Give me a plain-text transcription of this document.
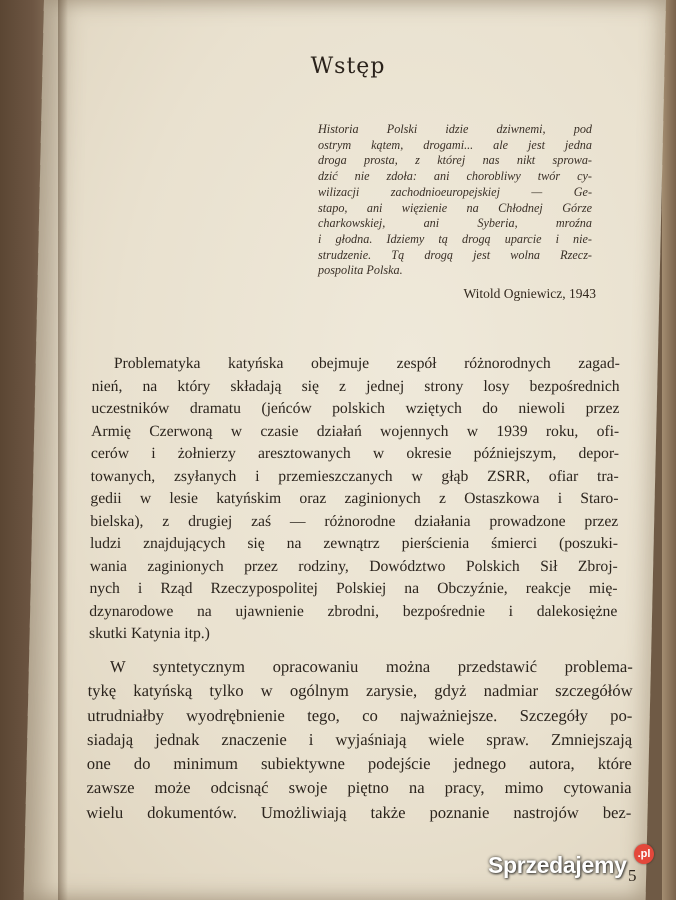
Wstęp
Historia Polski idzie dziwnemi, pod
ostrym kątem, drogami... ale jest jedna
droga prosta, z której nas nikt sprowa-
dzić nie zdoła: ani chorobliwy twór cy-
wilizacji zachodnioeuropejskiej — Ge-
stapo, ani więzienie na Chłodnej Górze
charkowskiej, ani Syberia, mroźna
i głodna. Idziemy tą drogą uparcie i nie-
strudzenie. Tą drogą jest wolna Rzecz-
pospolita Polska.
Witold Ogniewicz, 1943
Problematyka katyńska obejmuje zespół różnorodnych zagad-
nień, na który składają się z jednej strony losy bezpośrednich
uczestników dramatu (jeńców polskich wziętych do niewoli przez
Armię Czerwoną w czasie działań wojennych w 1939 roku, ofi-
cerów i żołnierzy aresztowanych w okresie późniejszym, depor-
towanych, zsyłanych i przemieszczanych w głąb ZSRR, ofiar tra-
gedii w lesie katyńskim oraz zaginionych z Ostaszkowa i Staro-
bielska), z drugiej zaś — różnorodne działania prowadzone przez
ludzi znajdujących się na zewnątrz pierścienia śmierci (poszuki-
wania zaginionych przez rodziny, Dowództwo Polskich Sił Zbroj-
nych i Rząd Rzeczypospolitej Polskiej na Obczyźnie, reakcje mię-
dzynarodowe na ujawnienie zbrodni, bezpośrednie i dalekosiężne
skutki Katynia itp.)
W syntetycznym opracowaniu można przedstawić problema-
tykę katyńską tylko w ogólnym zarysie, gdyż nadmiar szczegółów
utrudniałby wyodrębnienie tego, co najważniejsze. Szczegóły po-
siadają jednak znaczenie i wyjaśniają wiele spraw. Zmniejszają
one do minimum subiektywne podejście jednego autora, które
zawsze może odcisnąć swoje piętno na pracy, mimo cytowania
wielu dokumentów. Umożliwiają także poznanie nastrojów bez-
5
Sprzedajemy .pl
